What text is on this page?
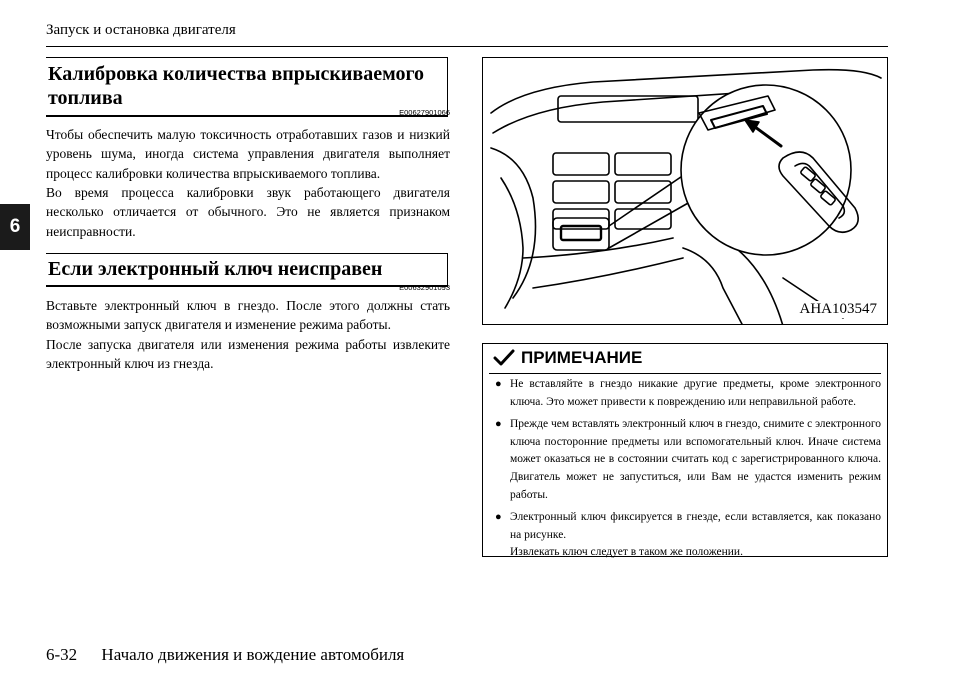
Запуск и остановка двигателя
6
Калибровка количества впрыскиваемого топлива
E00627901066

Чтобы обеспечить малую токсичность отработавших газов и низкий уровень шума, иногда система управления двигателя выполняет процесс калибровки количества впрыскиваемого топлива.

Во время процесса калибровки звук работающего двигателя несколько отличается от обычного. Это не является признаком неисправности.

Если электронный ключ неисправен
E00632901093

Вставьте электронный ключ в гнездо. После этого должны стать возможными запуск двигателя и изменение режима работы.

После запуска двигателя или изменения режима работы извлеките электронный ключ из гнезда.

AHA103547
ПРИМЕЧАНИЕ
● Не вставляйте в гнездо никакие другие предметы, кроме электронного ключа. Это может привести к повреждению или неправильной работе.
● Прежде чем вставлять электронный ключ в гнездо, снимите с электронного ключа посторонние предметы или вспомогательный ключ. Иначе система может оказаться не в состоянии считать код с зарегистрированного ключа. Двигатель может не запуститься, или Вам не удастся изменить режим работы.
● Электронный ключ фиксируется в гнезде, если вставляется, как показано на рисунке.
Извлекать ключ следует в таком же положении.
6-32 Начало движения и вождение автомобиля
